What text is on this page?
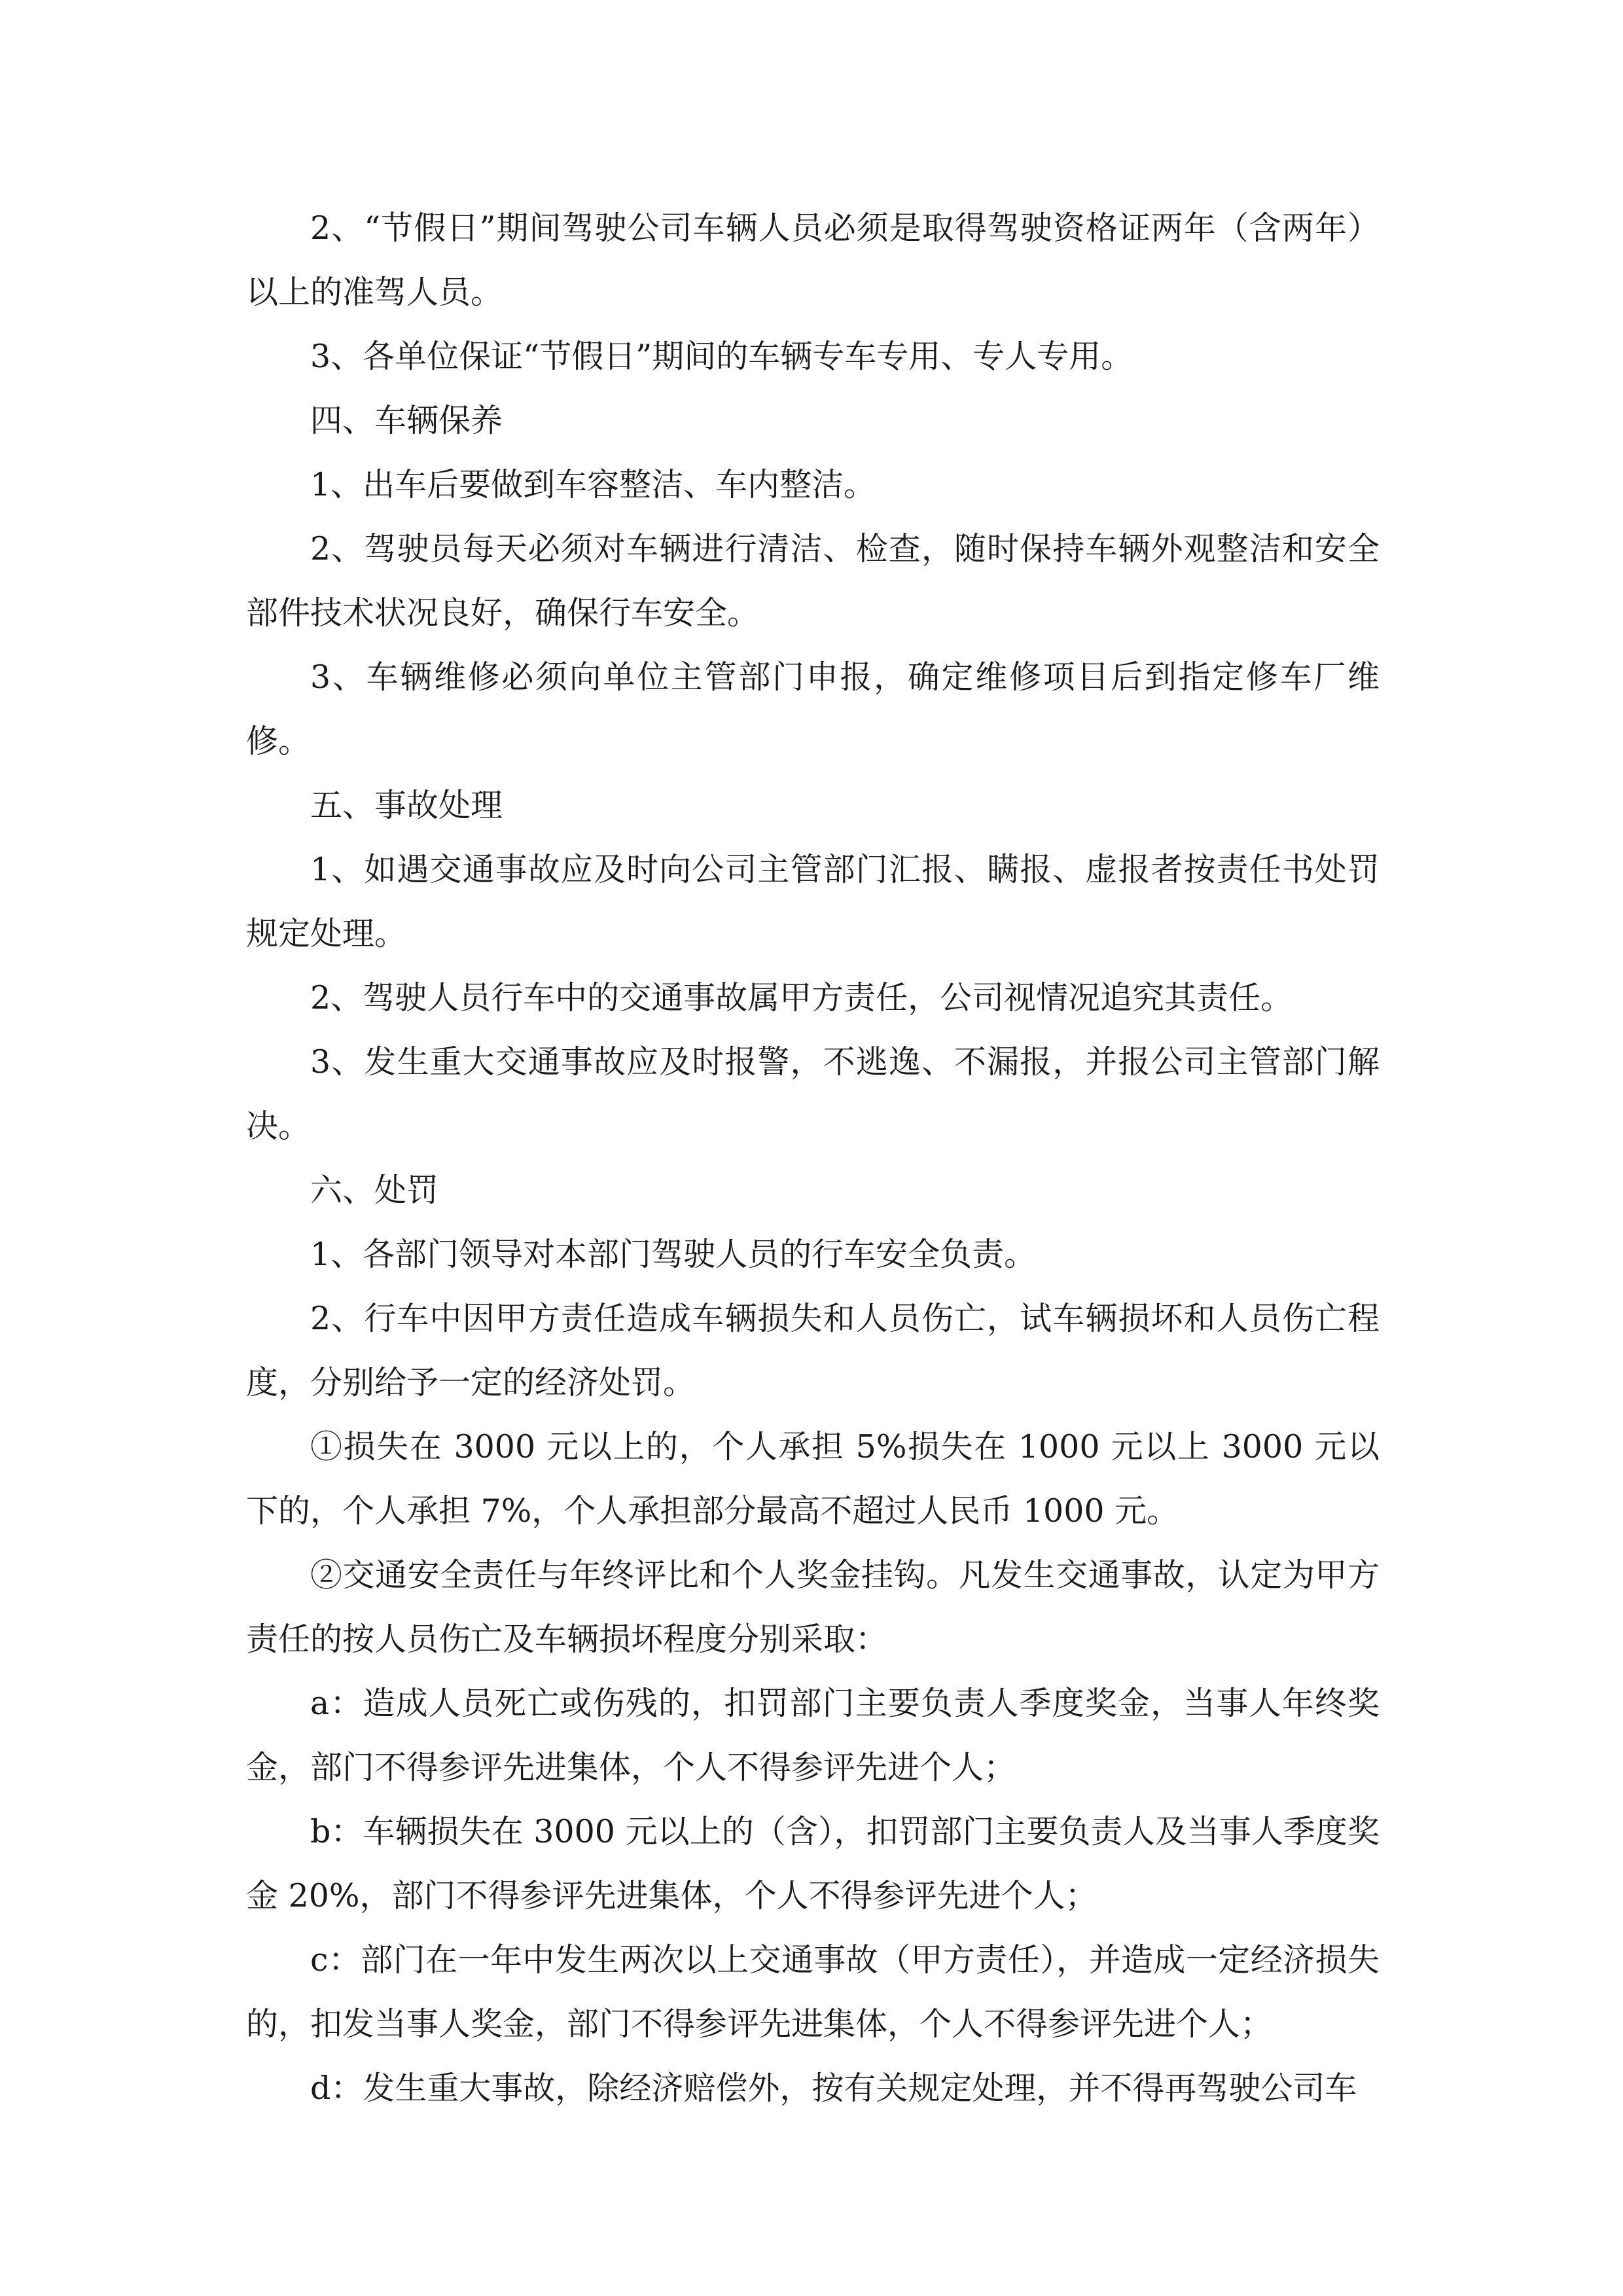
2、“节假日”期间驾驶公司车辆人员必须是取得驾驶资格证两年（含两年）以上的准驾人员。

3、各单位保证“节假日”期间的车辆专车专用、专人专用。

四、车辆保养

1、出车后要做到车容整洁、车内整洁。

2、驾驶员每天必须对车辆进行清洁、检查，随时保持车辆外观整洁和安全部件技术状况良好，确保行车安全。

3、车辆维修必须向单位主管部门申报，确定维修项目后到指定修车厂维修。

五、事故处理

1、如遇交通事故应及时向公司主管部门汇报、瞒报、虚报者按责任书处罚规定处理。

2、驾驶人员行车中的交通事故属甲方责任，公司视情况追究其责任。

3、发生重大交通事故应及时报警，不逃逸、不漏报，并报公司主管部门解决。

六、处罚

1、各部门领导对本部门驾驶人员的行车安全负责。

2、行车中因甲方责任造成车辆损失和人员伤亡，试车辆损坏和人员伤亡程度，分别给予一定的经济处罚。

①损失在 3000 元以上的，个人承担 5%损失在 1000 元以上 3000 元以下的，个人承担 7%，个人承担部分最高不超过人民币 1000 元。

②交通安全责任与年终评比和个人奖金挂钩。凡发生交通事故，认定为甲方责任的按人员伤亡及车辆损坏程度分别采取：

a：造成人员死亡或伤残的，扣罚部门主要负责人季度奖金，当事人年终奖金，部门不得参评先进集体，个人不得参评先进个人；

b：车辆损失在 3000 元以上的（含），扣罚部门主要负责人及当事人季度奖金 20%，部门不得参评先进集体，个人不得参评先进个人；

c：部门在一年中发生两次以上交通事故（甲方责任），并造成一定经济损失的，扣发当事人奖金，部门不得参评先进集体，个人不得参评先进个人；

d：发生重大事故，除经济赔偿外，按有关规定处理，并不得再驾驶公司车
